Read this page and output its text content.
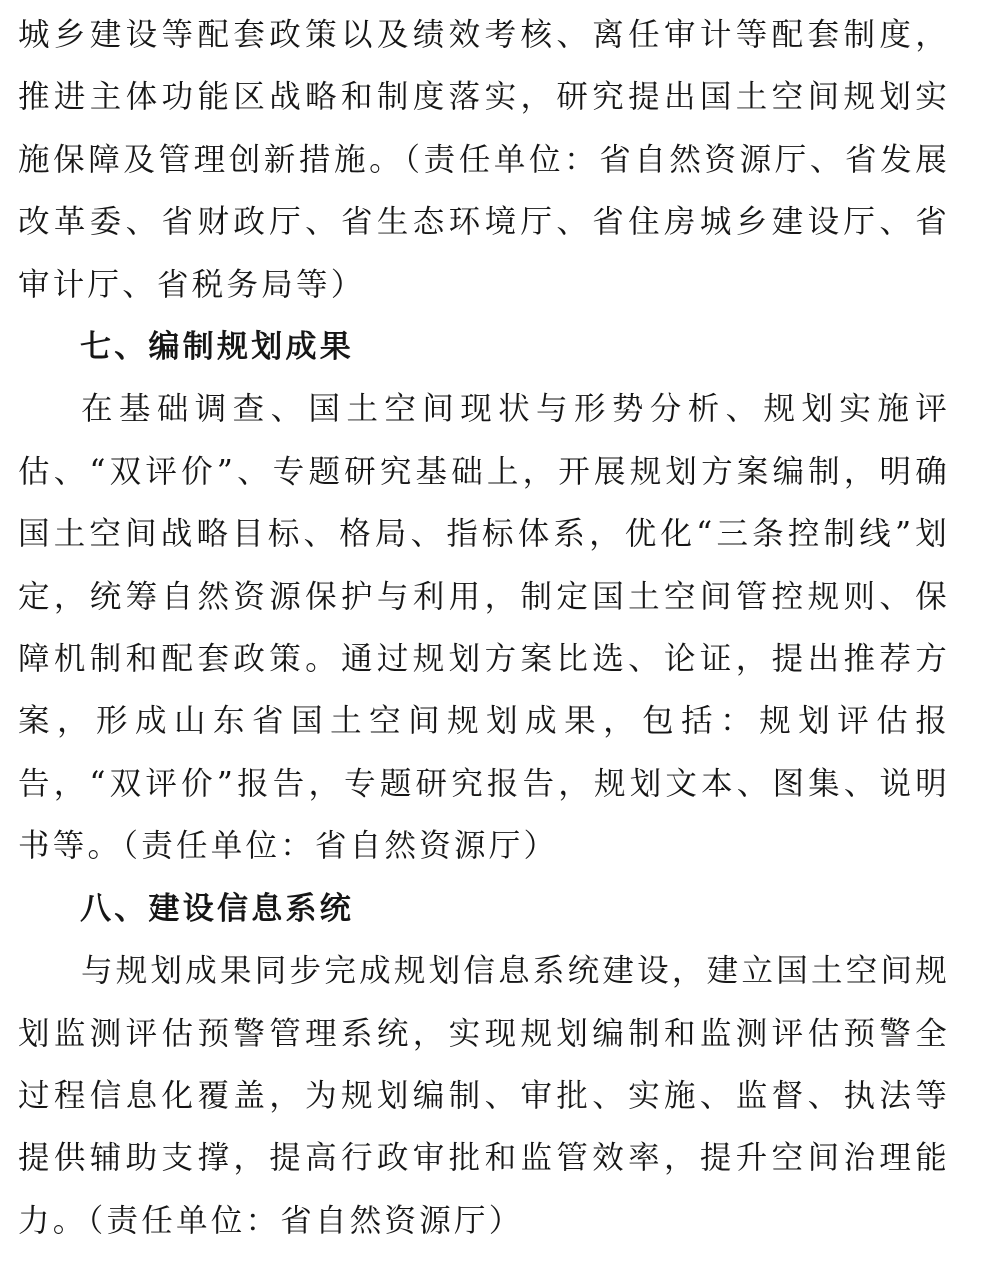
城乡建设等配套政策以及绩效考核、离任审计等配套制度，推进主体功能区战略和制度落实，研究提出国土空间规划实施保障及管理创新措施。（责任单位：省自然资源厅、省发展改革委、省财政厅、省生态环境厅、省住房城乡建设厅、省审计厅、省税务局等）

七、编制规划成果

在基础调查、国土空间现状与形势分析、规划实施评估、“双评价”、专题研究基础上，开展规划方案编制，明确国土空间战略目标、格局、指标体系，优化“三条控制线”划定，统筹自然资源保护与利用，制定国土空间管控规则、保障机制和配套政策。通过规划方案比选、论证，提出推荐方案，形成山东省国土空间规划成果，包括：规划评估报告，“双评价”报告，专题研究报告，规划文本、图集、说明书等。（责任单位：省自然资源厅）

八、建设信息系统

与规划成果同步完成规划信息系统建设，建立国土空间规划监测评估预警管理系统，实现规划编制和监测评估预警全过程信息化覆盖，为规划编制、审批、实施、监督、执法等提供辅助支撑，提高行政审批和监管效率，提升空间治理能力。（责任单位：省自然资源厅）
